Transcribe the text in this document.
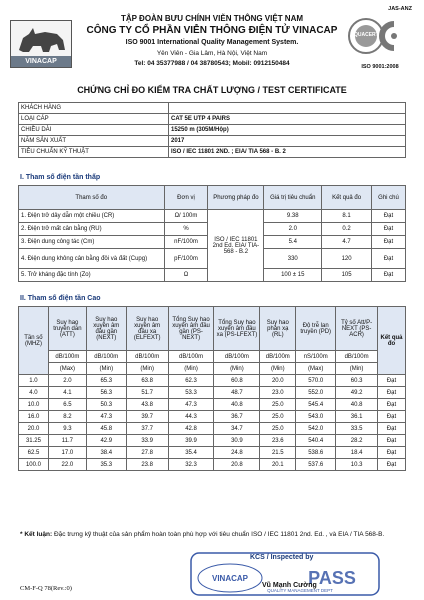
VINACAP
TẬP ĐOÀN BƯU CHÍNH VIỄN THÔNG VIỆT NAM
CÔNG TY CỔ PHẦN VIỄN THÔNG ĐIỆN TỬ VINACAP
ISO 9001 International Quality Management System.
Yên Viên - Gia Lâm, Hà Nội, Việt Nam
Tel: 04 35377988 / 04 38780543; Mobil: 0912150484
JAS-ANZ
QUACERT
ISO 9001:2008
CHỨNG CHỈ ĐO KIỂM TRA CHẤT LƯỢNG / TEST CERTIFICATE
KHÁCH HÀNG	
LOẠI CÁP	CAT 5E UTP 4 PAIRS
CHIỀU DÀI	15250 m (305M/Hộp)
NĂM SẢN XUẤT	2017
TIÊU CHUẨN KỸ THUẬT	ISO / IEC 11801 2ND. ; EIA/ TIA 568 - B. 2
I. Tham số điện tần thấp
Tham số đo	Đơn vị	Phương pháp đo	Giá trị tiêu chuẩn	Kết quả đo	Ghi chú
1. Điện trở dây dẫn một chiều (CR)	Ω/ 100m	ISO / IEC 11801 2nd Ed. EIA/ TIA-568 - B.2	9.38	8.1	Đạt
2. Điện trở mất cân bằng (RU)	%		2.0	0.2	Đạt
3. Điện dung công tác (Cm)	nF/100m		5.4	4.7	Đạt
4. Điện dung không cân bằng đôi và đất (Cupg)	pF/100m		330	120	Đạt
5. Trở kháng đặc tính (Zo)	Ω		100 ± 15	105	Đạt
II. Tham số điện tần Cao
Tần số (MHZ)	Suy hao truyền dẫn (ATT)	Suy hao xuyên âm đầu gần (NEXT)	Suy hao xuyên âm đầu xa (ELFEXT)	Tổng Suy hao xuyên âm đầu gần (PS-NEXT)	Tổng Suy hao xuyên âm đầu xa (PS-LFEXT)	Suy hao phản xạ (RL)	Độ trễ lan truyền (PD)	Tỷ số Att/P-NEXT (PS-ACR)	Kết quả đo
	dB/100m	dB/100m	dB/100m	dB/100m	dB/100m	dB/100m	nS/100m	dB/100m	
	(Max)	(Min)	(Min)	(Min)	(Min)	(Min)	(Max)	(Min)	
1.0	2.0	65.3	63.8	62.3	60.8	20.0	570.0	60.3	Đạt
4.0	4.1	56.3	51.7	53.3	48.7	23.0	552.0	49.2	Đạt
10.0	6.5	50.3	43.8	47.3	40.8	25.0	545.4	40.8	Đạt
16.0	8.2	47.3	39.7	44.3	36.7	25.0	543.0	36.1	Đạt
20.0	9.3	45.8	37.7	42.8	34.7	25.0	542.0	33.5	Đạt
31.25	11.7	42.9	33.9	39.9	30.9	23.6	540.4	28.2	Đạt
62.5	17.0	38.4	27.8	35.4	24.8	21.5	538.6	18.4	Đạt
100.0	22.0	35.3	23.8	32.3	20.8	20.1	537.6	10.3	Đạt
* Kết luận: Đặc trưng kỹ thuật của sản phẩm hoàn toàn phù hợp với tiêu chuẩn ISO / IEC 11801 2nd. Ed. , và EIA / TIA 568-B.
VINACAP	PASS
QUALITY MANAGEMENT DEPT
KCS / Inspected by
Vũ Mạnh Cường
CM-F-Q 78(Rev.:0)
